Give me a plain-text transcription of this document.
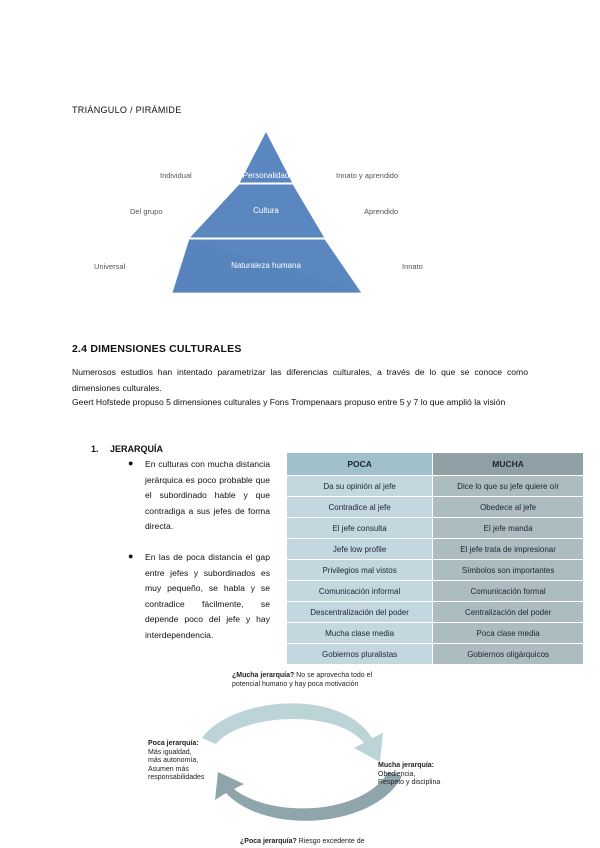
TRIÁNGULO / PIRÁMIDE
Personalidad
Cultura
Naturaleza humana
Individual
Del grupo
Universal
Innato y aprendido
Aprendido
Innato
2.4 DIMENSIONES CULTURALES
Numerosos estudios han intentado parametrizar las diferencias culturales, a través de lo que se conoce como dimensiones culturales.
Geert Hofstede propuso 5 dimensiones culturales y Fons Trompenaars propuso entre 5 y 7 lo que amplió la visión
1. JERARQUÍA
● En culturas con mucha distancia jerárquica es poco probable que el subordinado hable y que contradiga a sus jefes de forma directa.
● En las de poca distancia el gap entre jefes y subordinados es muy pequeño, se habla y se contradice fácilmente, se depende poco del jefe y hay interdependencia.
POCA	MUCHA
Da su opinión al jefe	Dice lo que su jefe quiere oír
Contradice al jefe	Obedece al jefe
El jefe consulta	El jefe manda
Jefe low profile	El jefe trata de impresionar
Privilegios mal vistos	Símbolos son importantes
Comunicación informal	Comunicación formal
Descentralización del poder	Centralización del poder
Mucha clase media	Poca clase media
Gobiernos pluralistas	Gobiernos oligárquicos
¿Mucha jerarquía? No se aprovecha todo el potencial humano y hay poca motivación
Poca jerarquía:
Más igualdad,
más autonomía,
Asumen más
responsabilidades
Mucha jerarquía:
Obediencia,
Respeto y disciplina
¿Poca jerarquía? Riesgo excedente de
